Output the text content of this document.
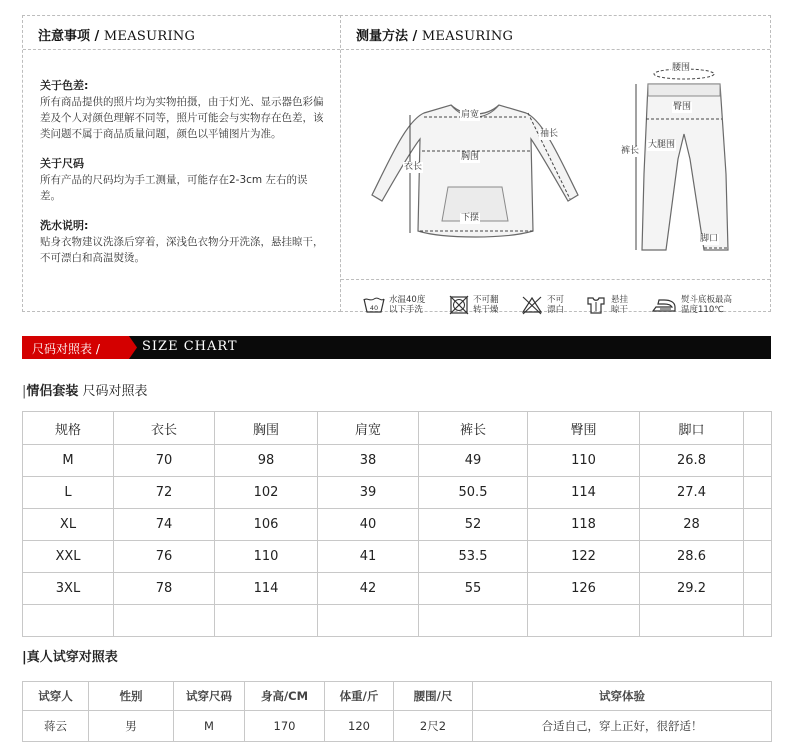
注意事项 / MEASURING

关于色差:

所有商品提供的照片均为实物拍摄，由于灯光、显示器色彩偏差及个人对颜色理解不同等，照片可能会与实物存在色差，该类问题不属于商品质量问题，颜色以平铺图片为准。

关于尺码

所有产品的尺码均为手工测量，可能存在2-3cm 左右的误差。

洗水说明:

贴身衣物建议洗涤后穿着，深浅色衣物分开洗涤，悬挂晾干，不可漂白和高温熨烫。

测量方法 / MEASURING
肩宽
袖长
衣长
胸围
下摆
腰围
臀围
裤长
大腿围
脚口
40
水温40度
以下手洗
不可翻
转干燥
不可
漂白
悬挂
晾干
熨斗底板最高
温度110℃
尺码对照表 /	SIZE CHART
|情侣套装 尺码对照表
规格	衣长	胸围	肩宽	裤长	臀围	脚口	
M	70	98	38	49	110	26.8	
L	72	102	39	50.5	114	27.4	
XL	74	106	40	52	118	28	
XXL	76	110	41	53.5	122	28.6	
3XL	78	114	42	55	126	29.2	

|真人试穿对照表
试穿人	性别	试穿尺码	身高/CM	体重/斤	腰围/尺	试穿体验
蒋云	男	M	170	120	2尺2	合适自己，穿上正好，很舒适！
